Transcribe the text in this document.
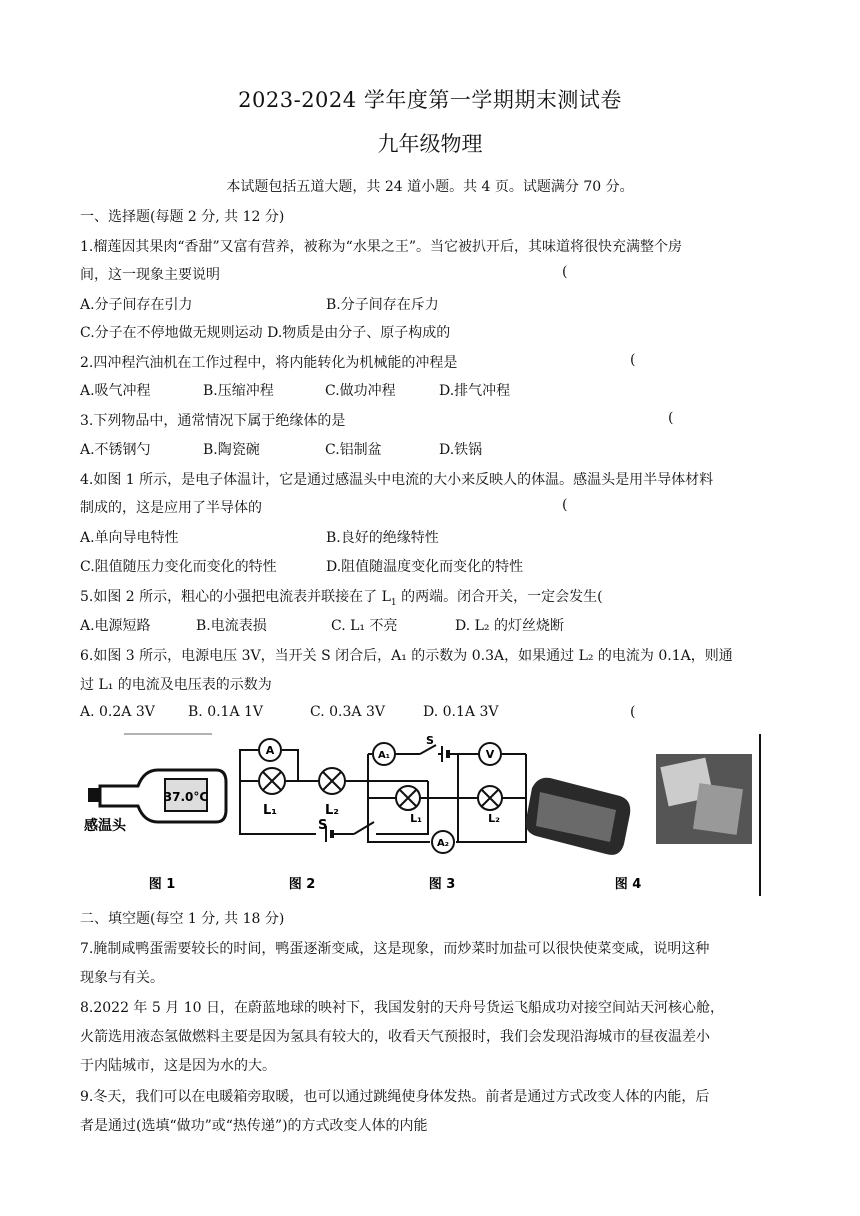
2023-2024 学年度第一学期期末测试卷
九年级物理
本试题包括五道大题，共 24 道小题。共 4 页。试题满分 70 分。
一、选择题(每题 2 分, 共 12 分)
1.榴莲因其果肉“香甜”又富有营养，被称为“水果之王”。当它被扒开后，其味道将很快充满整个房
间，这一现象主要说明	(
A.分子间存在引力	B.分子间存在斥力
C.分子在不停地做无规则运动 D.物质是由分子、原子构成的
2.四冲程汽油机在工作过程中，将内能转化为机械能的冲程是	(
A.吸气冲程	B.压缩冲程	C.做功冲程	D.排气冲程
3.下列物品中，通常情况下属于绝缘体的是	(
A.不锈钢勺	B.陶瓷碗	C.铝制盆	D.铁锅
4.如图 1 所示，是电子体温计，它是通过感温头中电流的大小来反映人的体温。感温头是用半导体材料
制成的，这是应用了半导体的	(
A.单向导电特性	B.良好的绝缘特性
C.阻值随压力变化而变化的特性	D.阻值随温度变化而变化的特性
5.如图 2 所示，粗心的小强把电流表并联接在了 $L_1$ 的两端。闭合开关，一定会发生(
A.电源短路	B.电流表损	C. L₁ 不亮	D. L₂ 的灯丝烧断
6.如图 3 所示，电源电压 3V，当开关 S 闭合后，A₁ 的示数为 0.3A，如果通过 L₂ 的电流为 0.1A，则通
过 L₁ 的电流及电压表的示数为
A. 0.2A 3V B. 0.1A 1V	C. 0.3A 3V	D. 0.1A 3V	(
37.0°C
感温头
图 1
A
L₁	L₂
S
图 2
A₁	V
A₂
L₁	L₂
S
图 3	图 4
二、填空题(每空 1 分, 共 18 分)
7.腌制咸鸭蛋需要较长的时间，鸭蛋逐渐变咸，这是现象，而炒菜时加盐可以很快使菜变咸，说明这种
现象与有关。
8.2022 年 5 月 10 日，在蔚蓝地球的映衬下，我国发射的天舟号货运飞船成功对接空间站天河核心舱，
火箭选用液态氢做燃料主要是因为氢具有较大的，收看天气预报时，我们会发现沿海城市的昼夜温差小
于内陆城市，这是因为水的大。
9.冬天，我们可以在电暖箱旁取暖，也可以通过跳绳使身体发热。前者是通过方式改变人体的内能，后
者是通过(选填“做功”或“热传递”)的方式改变人体的内能
